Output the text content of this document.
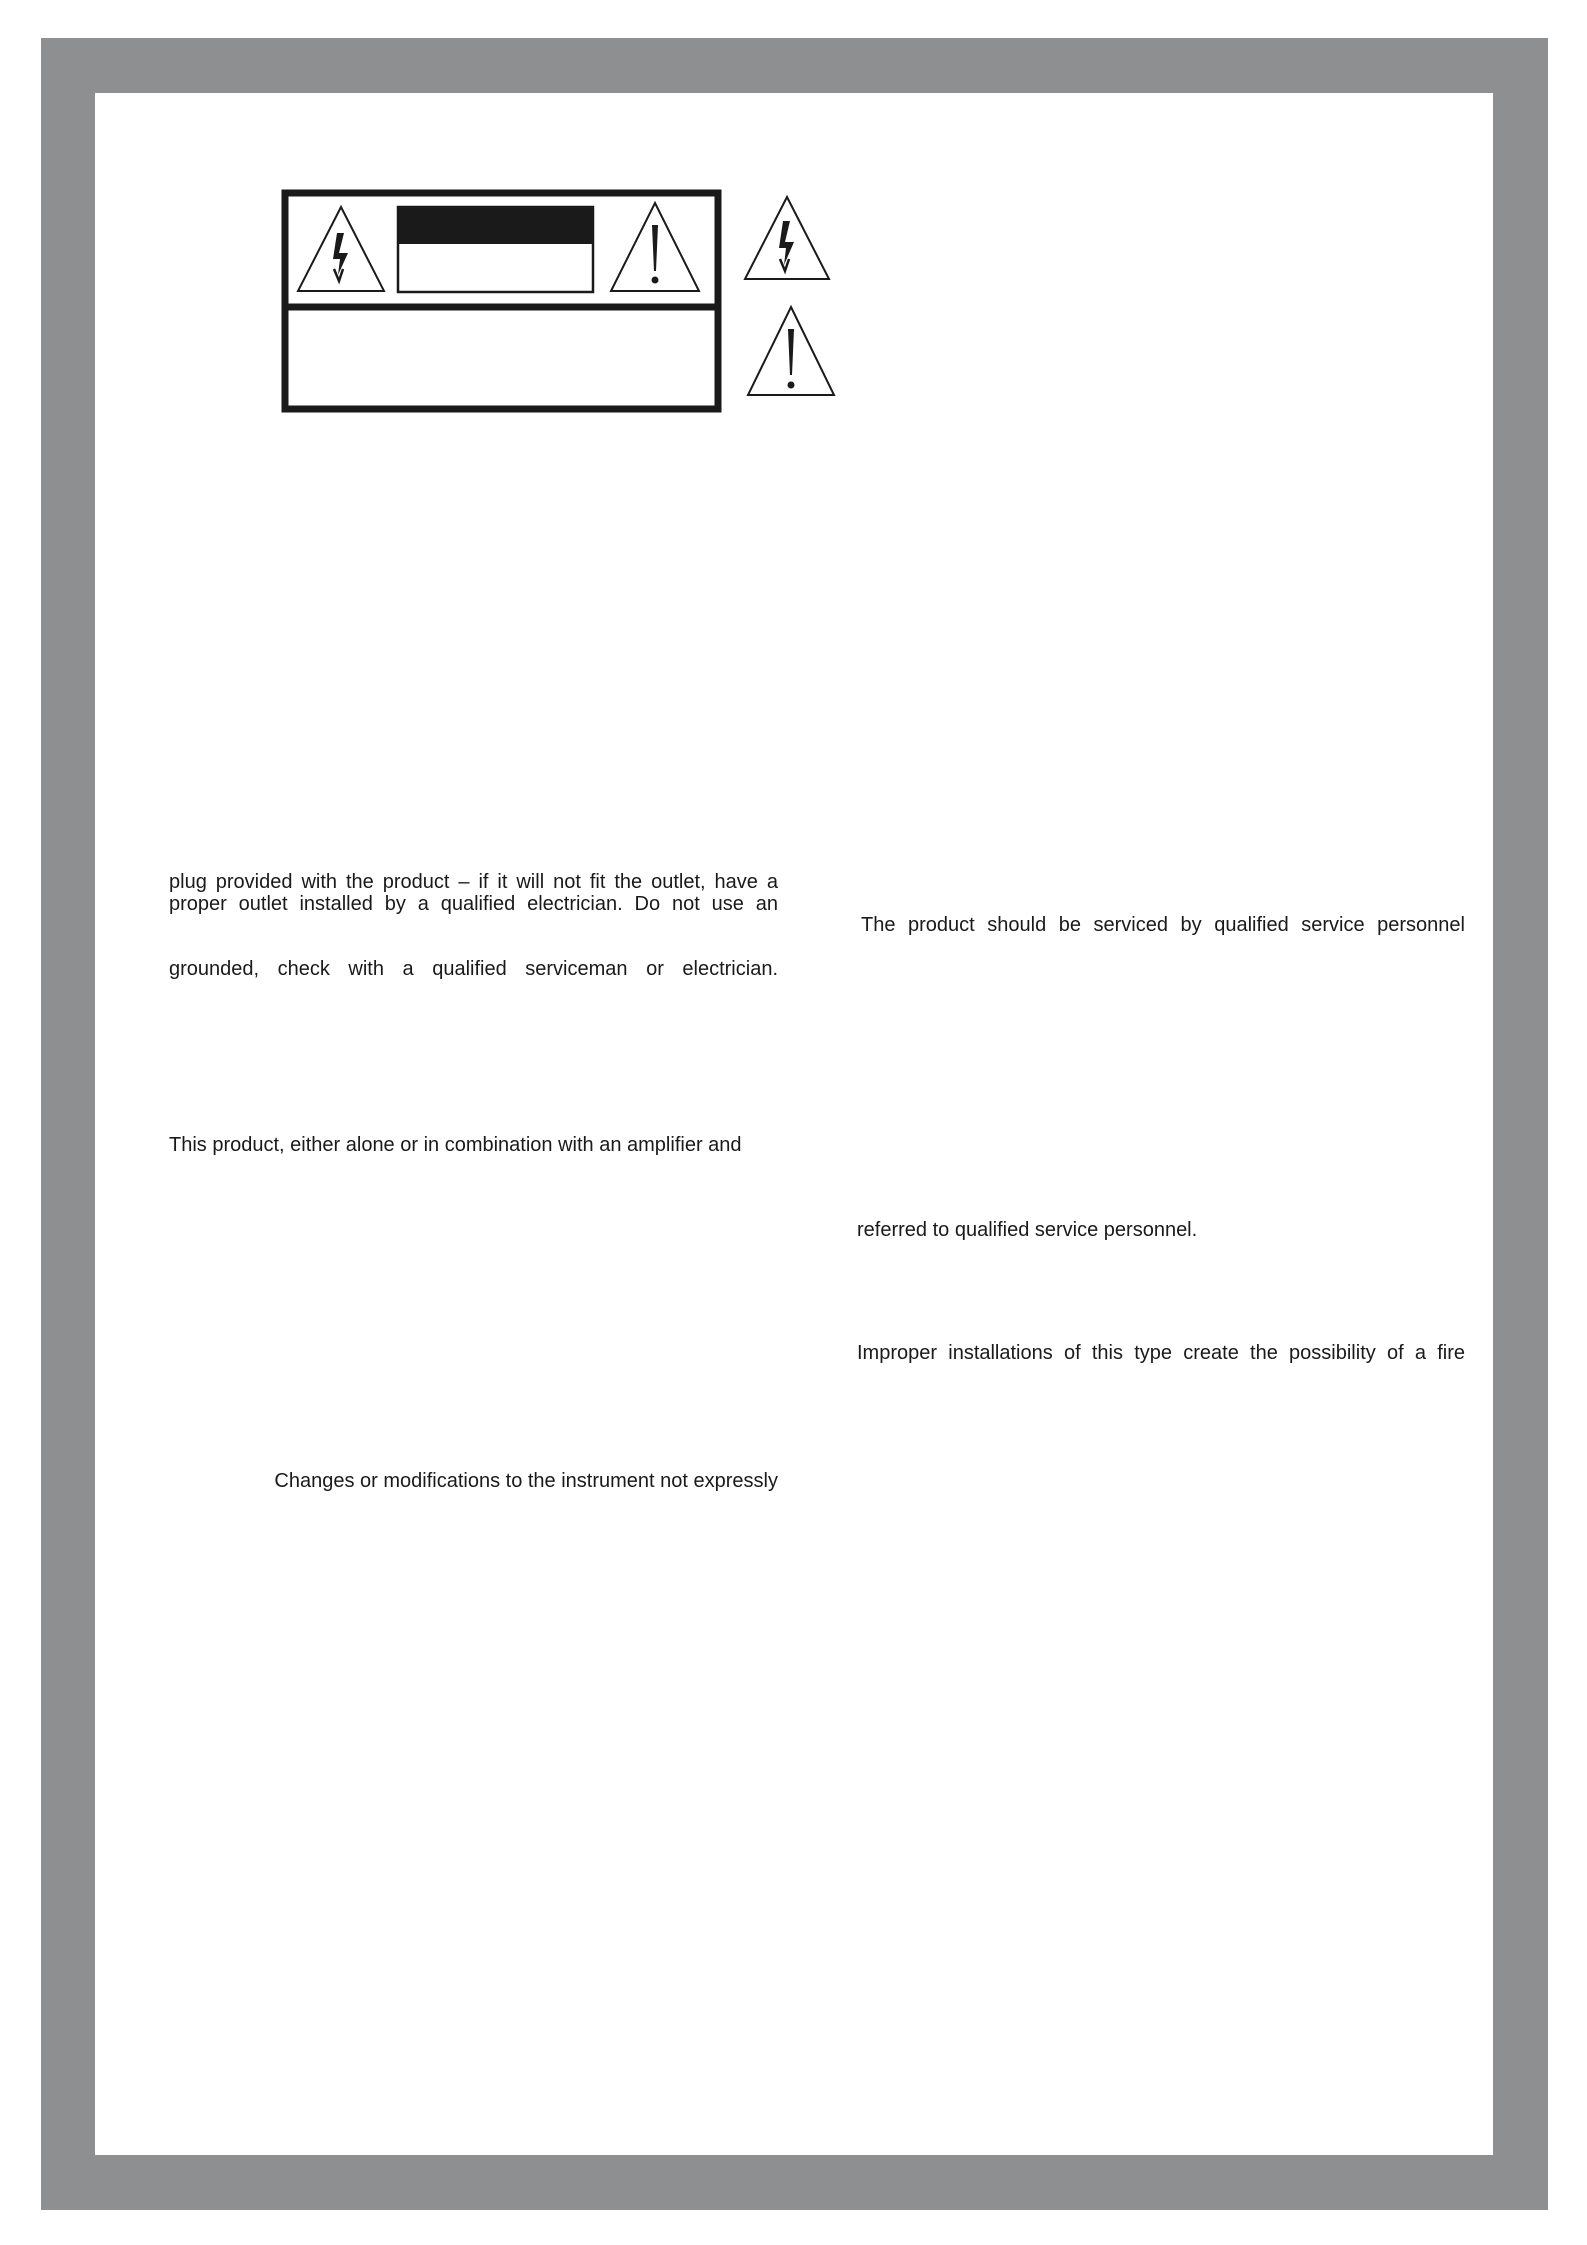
plug provided with the product – if it will not fit the outlet, have a
proper outlet installed by a qualified electrician. Do not use an
grounded, check with a qualified serviceman or electrician.
This product, either alone or in combination with an amplifier and
Changes or modifications to the instrument not expressly
The product should be serviced by qualified service personnel
referred to qualified service personnel.
Improper installations of this type create the possibility of a fire
